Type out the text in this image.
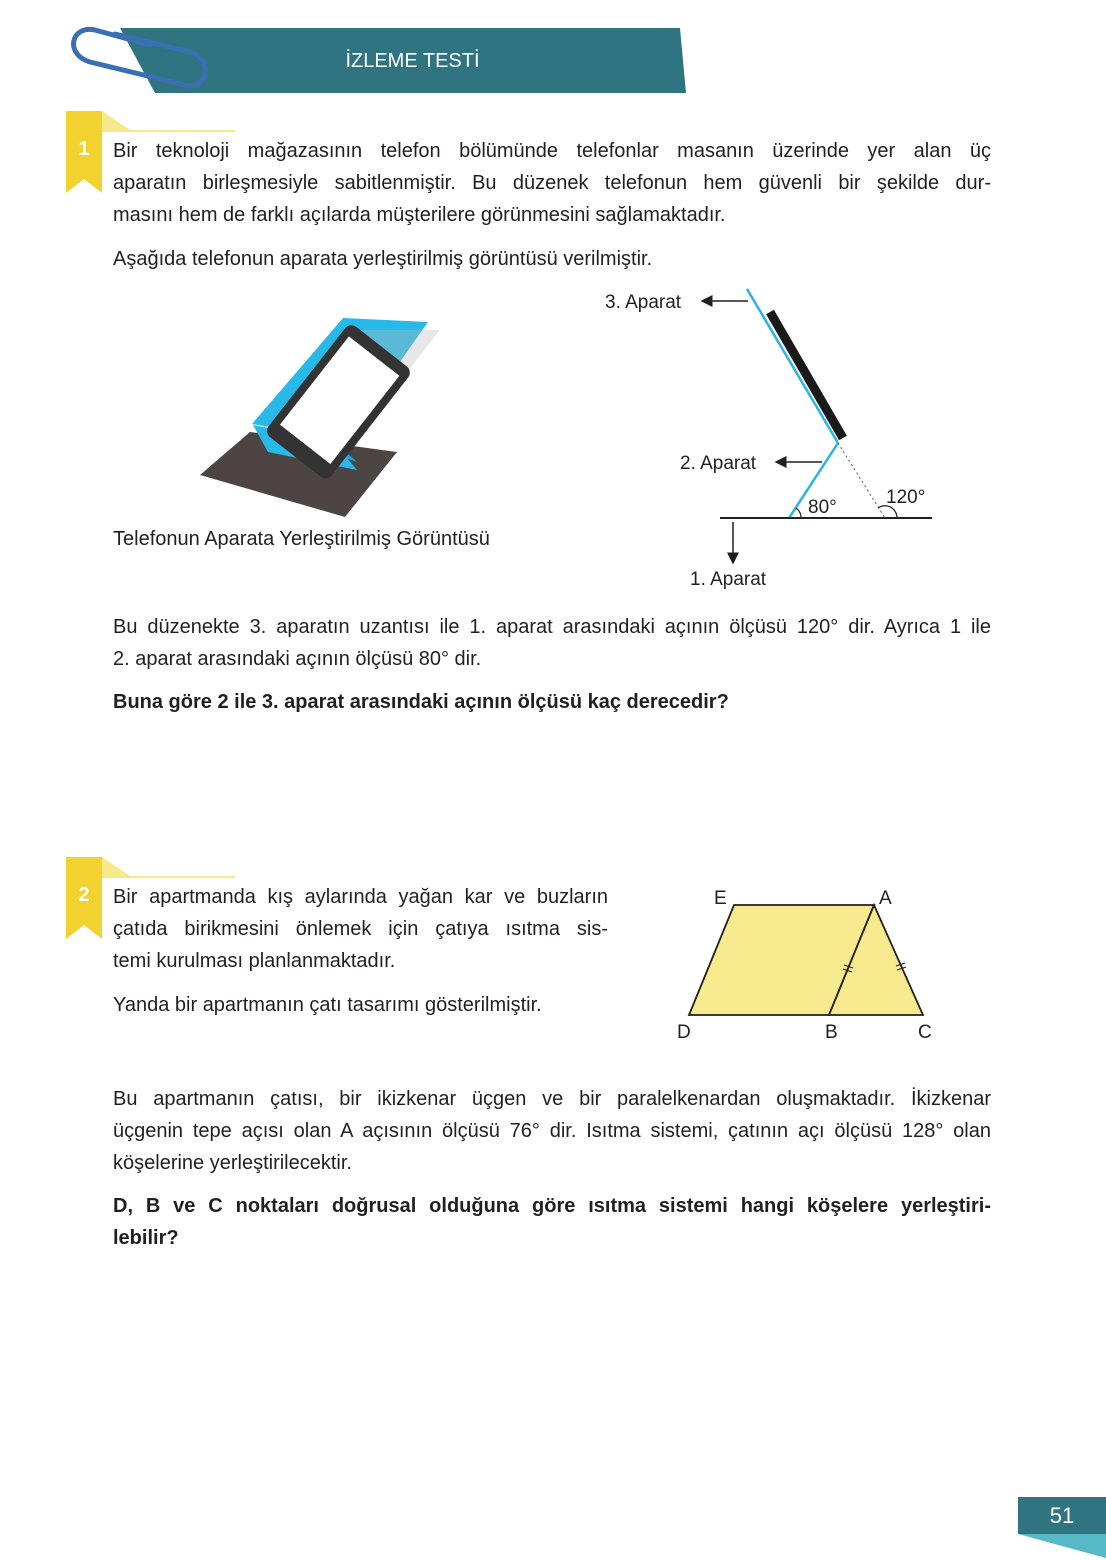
İZLEME TESTİ
1	Bir teknoloji mağazasının telefon bölümünde telefonlar masanın üzerinde yer alan üç
aparatın birleşmesiyle sabitlenmiştir. Bu düzenek telefonun hem güvenli bir şekilde dur-
masını hem de farklı açılarda müşterilere görünmesini sağlamaktadır.
Aşağıda telefonun aparata yerleştirilmiş görüntüsü verilmiştir.
Telefonun Aparata Yerleştirilmiş Görüntüsü
3. Aparat
2. Aparat
1. Aparat
80°	120°
Bu düzenekte 3. aparatın uzantısı ile 1. aparat arasındaki açının ölçüsü 120° dir. Ayrıca 1 ile
2. aparat arasındaki açının ölçüsü 80° dir.
Buna göre 2 ile 3. aparat arasındaki açının ölçüsü kaç derecedir?
2	Bir apartmanda kış aylarında yağan kar ve buzların
çatıda birikmesini önlemek için çatıya ısıtma sis-
temi kurulması planlanmaktadır.
Yanda bir apartmanın çatı tasarımı gösterilmiştir.
E	A
D	B	C
Bu apartmanın çatısı, bir ikizkenar üçgen ve bir paralelkenardan oluşmaktadır. İkizkenar
üçgenin tepe açısı olan A açısının ölçüsü 76° dir. Isıtma sistemi, çatının açı ölçüsü 128° olan
köşelerine yerleştirilecektir.
D, B ve C noktaları doğrusal olduğuna göre ısıtma sistemi hangi köşelere yerleştiri-
lebilir?
51
